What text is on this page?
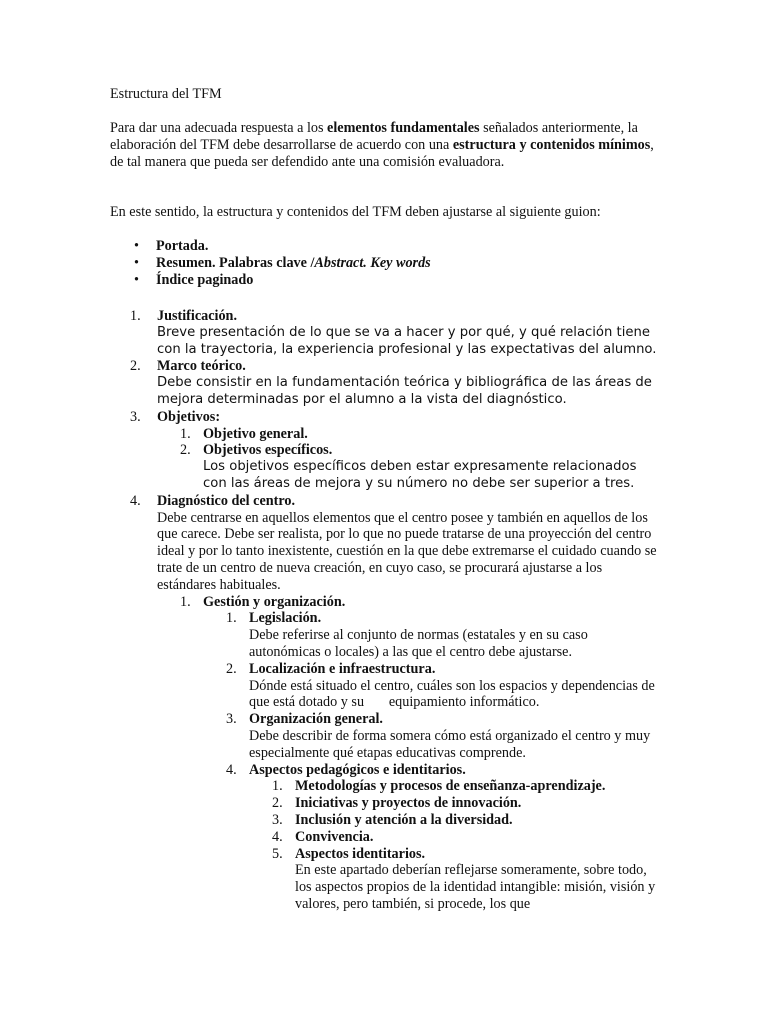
Estructura del TFM
Para dar una adecuada respuesta a los elementos fundamentales señalados anteriormente, la elaboración del TFM debe desarrollarse de acuerdo con una estructura y contenidos mínimos, de tal manera que pueda ser defendido ante una comisión evaluadora.
En este sentido, la estructura y contenidos del TFM deben ajustarse al siguiente guion:
• Portada.
• Resumen. Palabras clave /Abstract. Key words
• Índice paginado
1. Justificación.
Breve presentación de lo que se va a hacer y por qué, y qué relación tiene con la trayectoria, la experiencia profesional y las expectativas del alumno.
2. Marco teórico.
Debe consistir en la fundamentación teórica y bibliográfica de las áreas de mejora determinadas por el alumno a la vista del diagnóstico.
3. Objetivos:
1. Objetivo general.
2. Objetivos específicos.
Los objetivos específicos deben estar expresamente relacionados con las áreas de mejora y su número no debe ser superior a tres.
4. Diagnóstico del centro.
Debe centrarse en aquellos elementos que el centro posee y también en aquellos de los que carece. Debe ser realista, por lo que no puede tratarse de una proyección del centro ideal y por lo tanto inexistente, cuestión en la que debe extremarse el cuidado cuando se trate de un centro de nueva creación, en cuyo caso, se procurará ajustarse a los estándares habituales.
1. Gestión y organización.
1. Legislación.
Debe referirse al conjunto de normas (estatales y en su caso autonómicas o locales) a las que el centro debe ajustarse.
2. Localización e infraestructura.
Dónde está situado el centro, cuáles son los espacios y dependencias de que está dotado y su       equipamiento informático.
3. Organización general.
Debe describir de forma somera cómo está organizado el centro y muy especialmente qué etapas educativas comprende.
4. Aspectos pedagógicos e identitarios.
1. Metodologías y procesos de enseñanza-aprendizaje.
2. Iniciativas y proyectos de innovación.
3. Inclusión y atención a la diversidad.
4. Convivencia.
5. Aspectos identitarios.
En este apartado deberían reflejarse someramente, sobre todo, los aspectos propios de la identidad intangible: misión, visión y valores, pero también, si procede, los que
